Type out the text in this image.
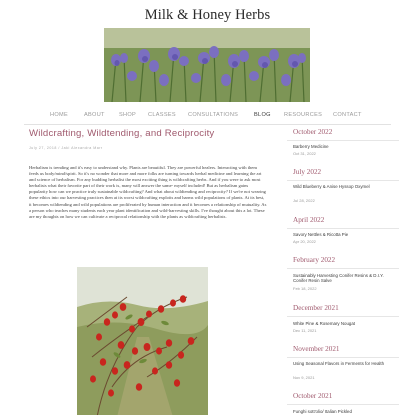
Milk & Honey Herbs
HOME	ABOUT	SHOP CLASSES CONSULTATIONS	BLOG RESOURCES CONTACT
Wildcrafting, Wildtending, and Reciprocity
July 27, 2018 / Jaki Alexandra Marr

Herbalism is trending and it's easy to understand why. Plants are beautiful. They are powerful healers. Interacting with them feeds us body/mind/spirit. So it's no wonder that more and more folks are turning towards herbal medicine and learning the art and science of herbalism. For any budding herbalist the most exciting thing is wildcrafting herbs. And if you were to ask most herbalists what their favorite part of their work is, many will answer the same- myself included! But as herbalism gains popularity how can we practice truly sustainable wildcrafting? And what about wildtending and reciprocity? If we're not wearing these ethics into our harvesting practices then at its worst wildcrafting exploits and harms wild populations of plants. At its best, it becomes wildtending and wild populations are proliferated by human interaction and it becomes a relationship of mutuality. As a person who teaches many students each year plant identification and wild-harvesting skills. I've thought about this a lot. These are my thoughts on how we can cultivate a reciprocal relationship with the plants as wildcrafting herbalists.

October 2022
Barberry Medicine
Oct 31, 2022
July 2022
Wild Blueberry & Anise Hyssop Oxymel
Jul 28, 2022
April 2022
Savory Nettles & Ricotta Pie
Apr 20, 2022
February 2022
Sustainably Harvesting Conifer Resins & D.I.Y. Conifer Resin Salve
Feb 18, 2022
December 2021
White Pine & Rosemary Nougat
Dec 11, 2021
November 2021
Using Seasonal Flavors in Ferments for Health
Nov 9, 2021
October 2021
Funghi sott'olio/ Italian Pickled
